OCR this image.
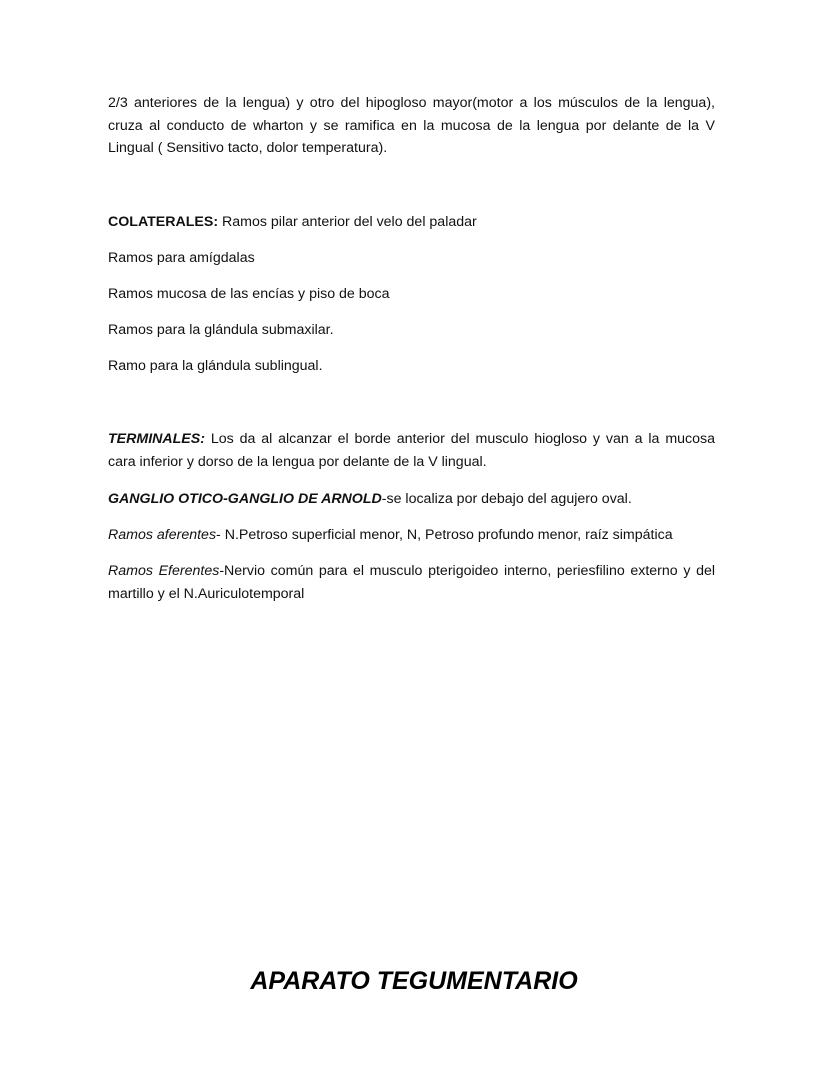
2/3 anteriores de la lengua) y otro del hipogloso mayor(motor a los músculos de la lengua), cruza al conducto de wharton y se ramifica en la mucosa de la lengua por delante de la V Lingual ( Sensitivo tacto, dolor temperatura).

COLATERALES: Ramos pilar anterior del velo del paladar

Ramos para amígdalas

Ramos mucosa de las encías y piso de boca

Ramos para la glándula submaxilar.

Ramo para la glándula sublingual.

TERMINALES: Los da al alcanzar el borde anterior del musculo hiogloso y van a la mucosa cara inferior y dorso de la lengua por delante de la V lingual.

GANGLIO OTICO-GANGLIO DE ARNOLD-se localiza por debajo del agujero oval.

Ramos aferentes- N.Petroso superficial menor, N, Petroso profundo menor, raíz simpática

Ramos Eferentes-Nervio común para el musculo pterigoideo interno, periesfilino externo y del martillo y el N.Auriculotemporal

APARATO TEGUMENTARIO
